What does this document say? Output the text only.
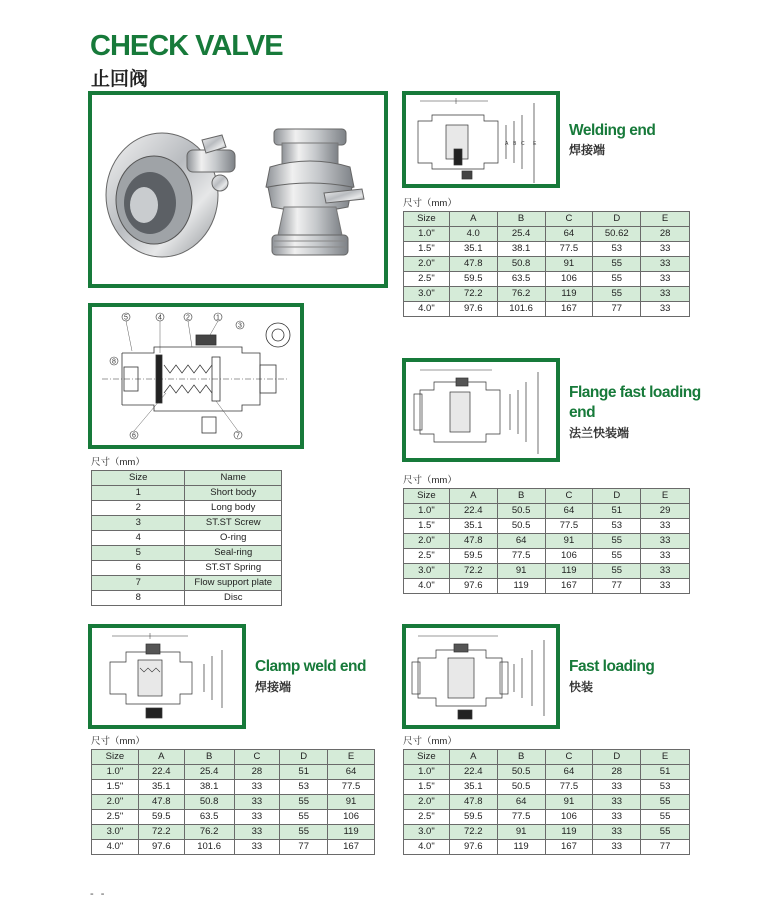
CHECK VALVE
止回阀
5	4	2	1
3
8
6	7
尺寸（mm）
Size	Name
1	Short body
2	Long body
3	ST.ST Screw
4	O-ring
5	Seal-ring
6	ST.ST Spring
7	Flow support plate
8	Disc
A B C E
Welding end
焊接端
尺寸（mm）
Size	A	B	C	D	E
1.0"	4.0	25.4	64	50.62	28
1.5"	35.1	38.1	77.5	53	33
2.0"	47.8	50.8	91	55	33
2.5"	59.5	63.5	106	55	33
3.0"	72.2	76.2	119	55	33
4.0"	97.6	101.6	167	77	33
Flange fast loading
end
法兰快装端
尺寸（mm）
Size	A	B	C	D	E
1.0"	22.4	50.5	64	51	29
1.5"	35.1	50.5	77.5	53	33
2.0"	47.8	64	91	55	33
2.5"	59.5	77.5	106	55	33
3.0"	72.2	91	119	55	33
4.0"	97.6	119	167	77	33
Clamp weld end
焊接端
尺寸（mm）
Size	A	B	C	D	E
1.0"	22.4	25.4	28	51	64
1.5"	35.1	38.1	33	53	77.5
2.0"	47.8	50.8	33	55	91
2.5"	59.5	63.5	33	55	106
3.0"	72.2	76.2	33	55	119
4.0"	97.6	101.6	33	77	167
Fast loading
快装
尺寸（mm）
Size	A	B	C	D	E
1.0"	22.4	50.5	64	28	51
1.5"	35.1	50.5	77.5	33	53
2.0"	47.8	64	91	33	55
2.5"	59.5	77.5	106	33	55
3.0"	72.2	91	119	33	55
4.0"	97.6	119	167	33	77
- -
